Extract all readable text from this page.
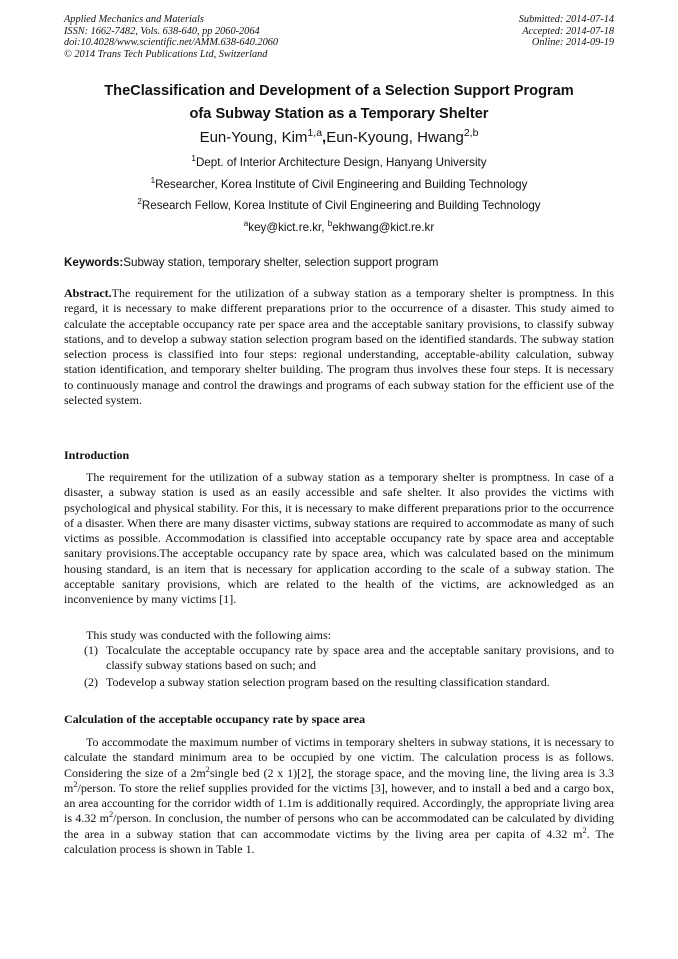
Applied Mechanics and Materials
ISSN: 1662-7482, Vols. 638-640, pp 2060-2064
doi:10.4028/www.scientific.net/AMM.638-640.2060
© 2014 Trans Tech Publications Ltd, Switzerland
Submitted: 2014-07-14
Accepted: 2014-07-18
Online: 2014-09-19
TheClassification and Development of a Selection Support Program
ofa Subway Station as a Temporary Shelter
Eun-Young, Kim$^{1,a}$,Eun-Kyoung, Hwang$^{2,b}$
$^1$Dept. of Interior Architecture Design, Hanyang University
$^1$Researcher, Korea Institute of Civil Engineering and Building Technology
$^2$Research Fellow, Korea Institute of Civil Engineering and Building Technology
$^a$key@kict.re.kr, $^b$ekhwang@kict.re.kr
Keywords:Subway station, temporary shelter, selection support program
Abstract.The requirement for the utilization of a subway station as a temporary shelter is promptness. In this regard, it is necessary to make different preparations prior to the occurrence of a disaster. This study aimed to calculate the acceptable occupancy rate per space area and the acceptable sanitary provisions, to classify subway stations, and to develop a subway station selection program based on the identified standards. The subway station selection process is classified into four steps: regional understanding, acceptable-ability calculation, subway station identification, and temporary shelter building. The program thus involves these four steps. It is necessary to continuously manage and control the drawings and programs of each subway station for the efficient use of the selected system.
Introduction

The requirement for the utilization of a subway station as a temporary shelter is promptness. In case of a disaster, a subway station is used as an easily accessible and safe shelter. It also provides the victims with psychological and physical stability. For this, it is necessary to make different preparations prior to the occurrence of a disaster. When there are many disaster victims, subway stations are required to accommodate as many of such victims as possible. Accommodation is classified into acceptable occupancy rate by space area and acceptable sanitary provisions.The acceptable occupancy rate by space area, which was calculated based on the minimum housing standard, is an item that is necessary for application according to the scale of a subway station. The acceptable sanitary provisions, which are related to the health of the victims, are acknowledged as an inconvenience by many victims [1].

This study was conducted with the following aims:
(1) Tocalculate the acceptable occupancy rate by space area and the acceptable sanitary provisions, and to classify subway stations based on such; and
(2) Todevelop a subway station selection program based on the resulting classification standard.
Calculation of the acceptable occupancy rate by space area

To accommodate the maximum number of victims in temporary shelters in subway stations, it is necessary to calculate the standard minimum area to be occupied by one victim. The calculation process is as follows. Considering the size of a $2m^2single$ bed (2 x 1)[2], the storage space, and the moving line, the living area is 3.3 $m^2$/person. To store the relief supplies provided for the victims [3], however, and to install a bed and a cargo box, an area accounting for the corridor width of 1.1m is additionally required. Accordingly, the appropriate living area is 4.32 $m^2$/person. In conclusion, the number of persons who can be accommodated can be calculated by dividing the area in a subway station that can accommodate victims by the living area per capita of 4.32 $m^2$. The calculation process is shown in Table 1.
